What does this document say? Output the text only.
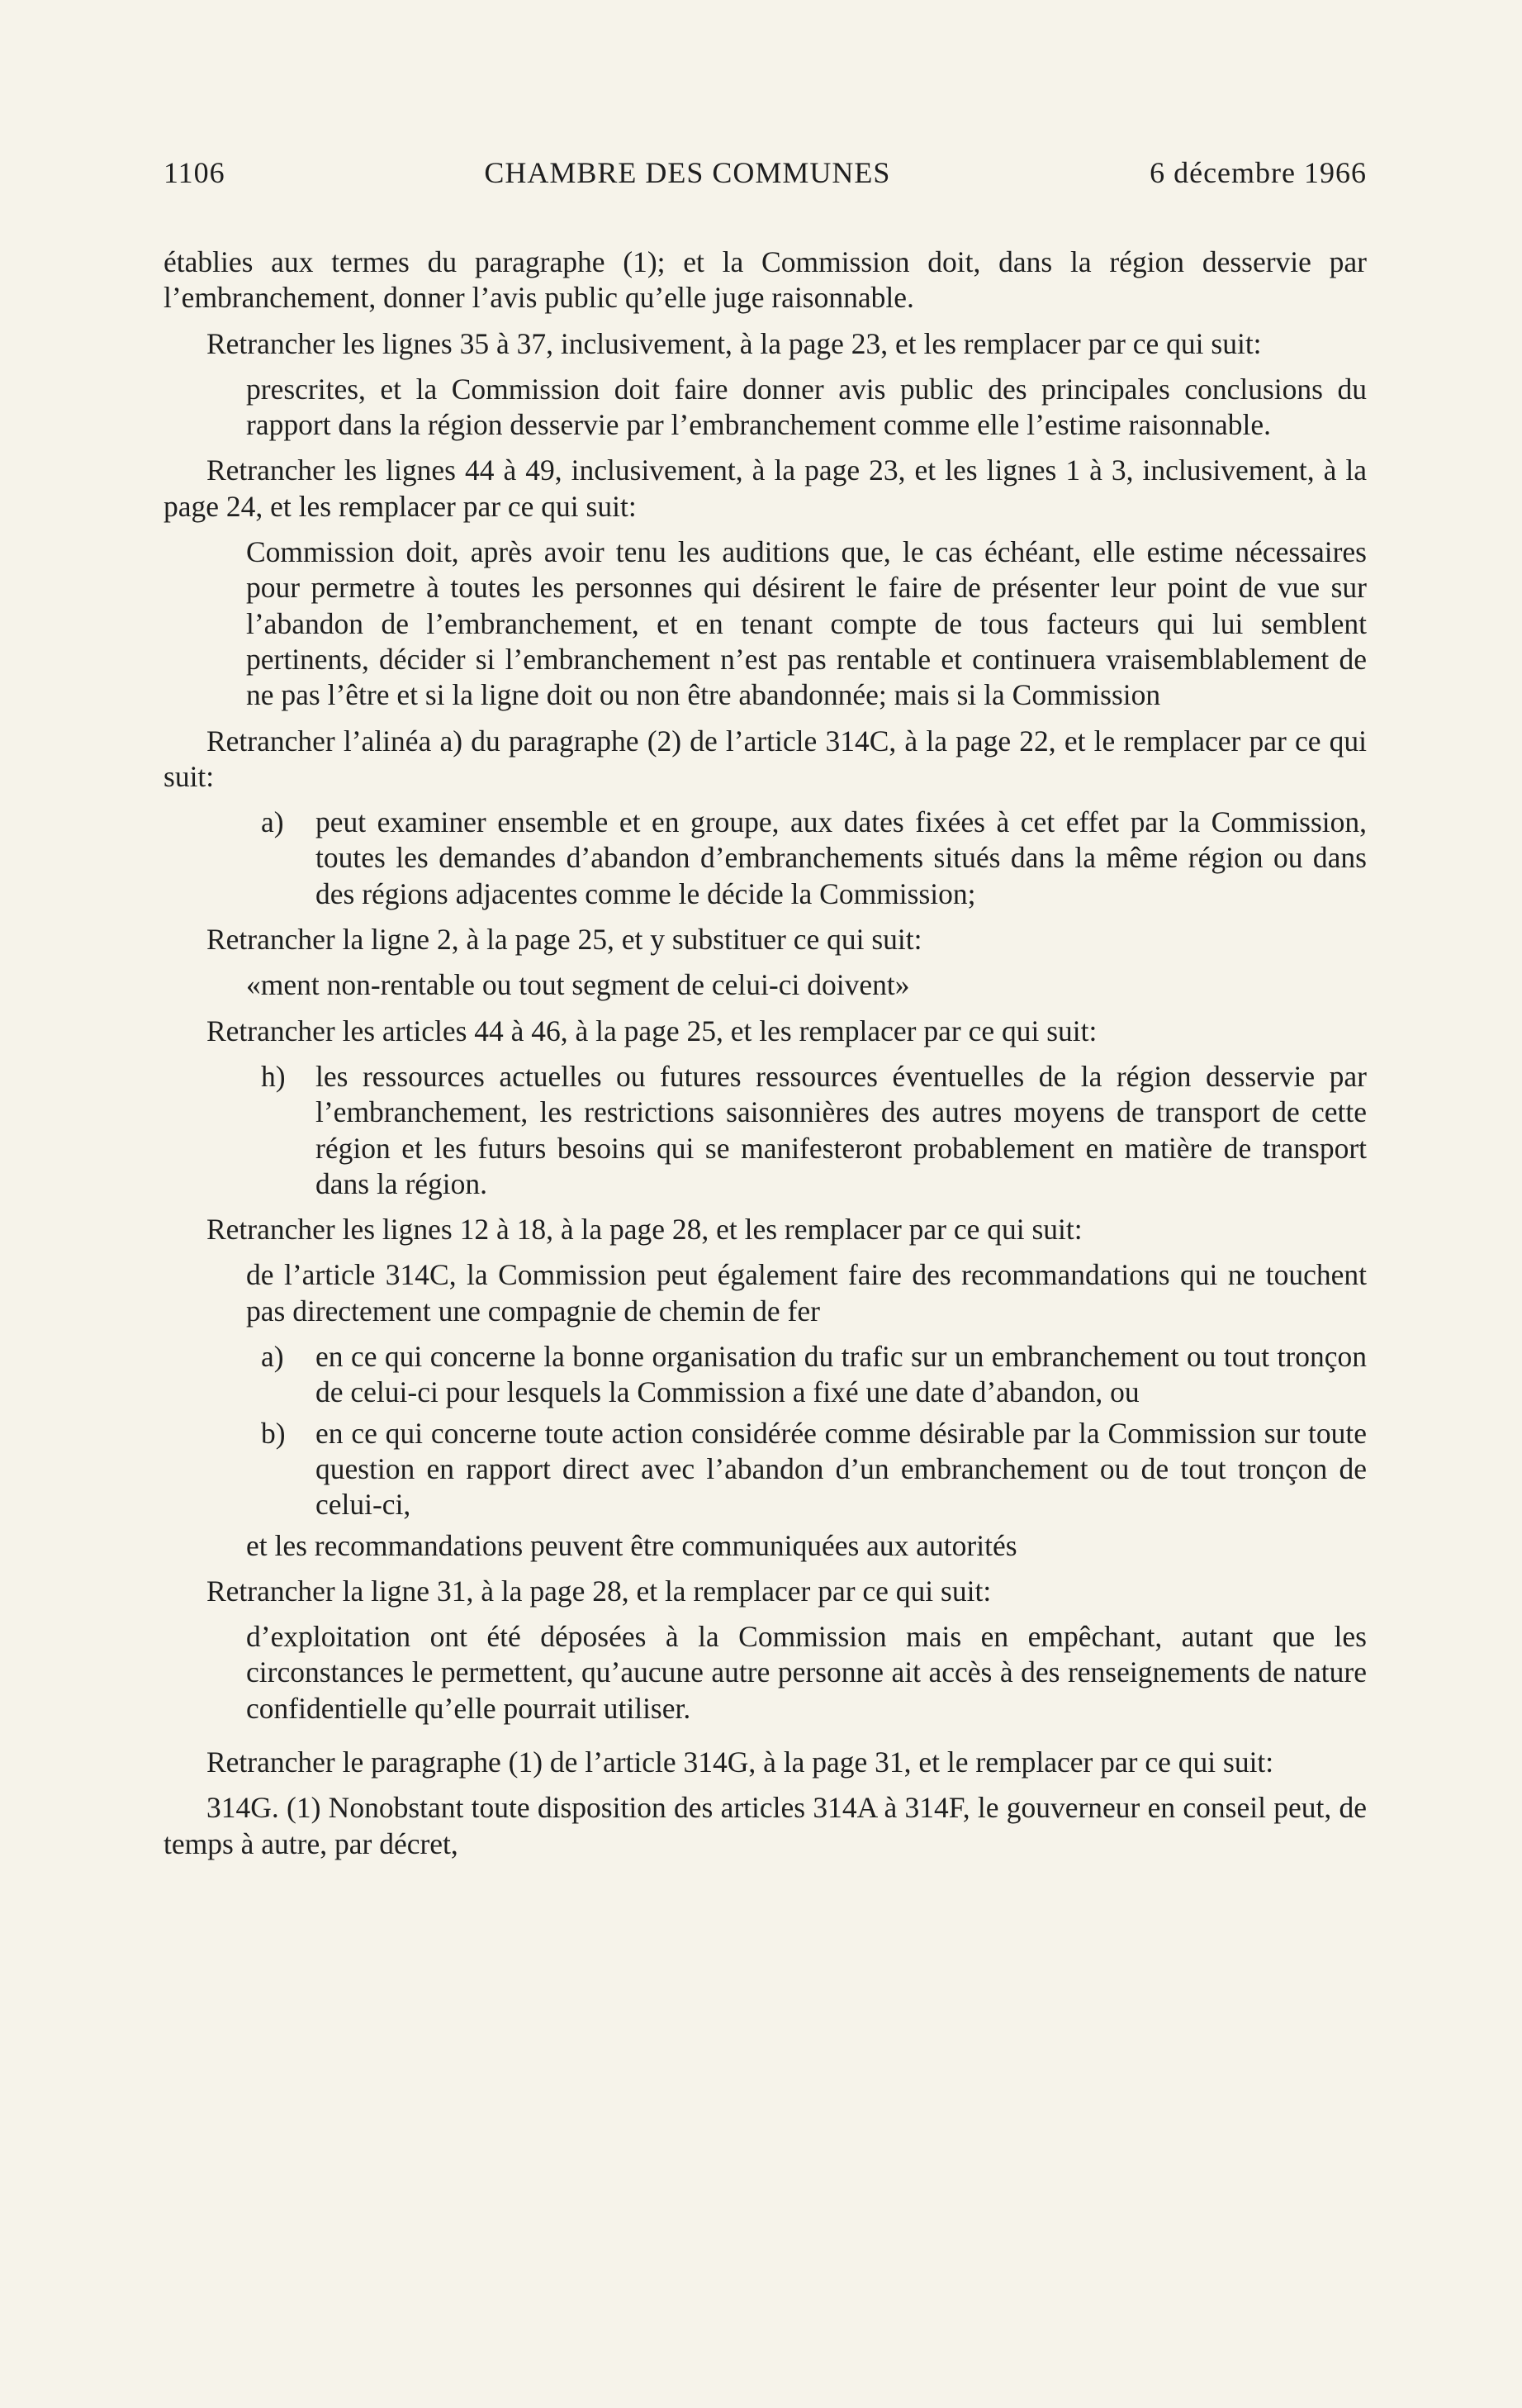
1106	CHAMBRE DES COMMUNES	6 décembre 1966

établies aux termes du paragraphe (1); et la Commission doit, dans la région desservie par l’embranchement, donner l’avis public qu’elle juge raisonnable.

Retrancher les lignes 35 à 37, inclusivement, à la page 23, et les remplacer par ce qui suit:

prescrites, et la Commission doit faire donner avis public des principales conclusions du rapport dans la région desservie par l’embranchement comme elle l’estime raisonnable.

Retrancher les lignes 44 à 49, inclusivement, à la page 23, et les lignes 1 à 3, inclusivement, à la page 24, et les remplacer par ce qui suit:

Commission doit, après avoir tenu les auditions que, le cas échéant, elle estime nécessaires pour permetre à toutes les personnes qui désirent le faire de présenter leur point de vue sur l’abandon de l’embranchement, et en tenant compte de tous facteurs qui lui semblent pertinents, décider si l’embranchement n’est pas rentable et continuera vraisemblablement de ne pas l’être et si la ligne doit ou non être abandonnée; mais si la Commission

Retrancher l’alinéa a) du paragraphe (2) de l’article 314C, à la page 22, et le remplacer par ce qui suit:

a)	peut examiner ensemble et en groupe, aux dates fixées à cet effet par la Commission, toutes les demandes d’abandon d’embranchements situés dans la même région ou dans des régions adjacentes comme le décide la Commission;

Retrancher la ligne 2, à la page 25, et y substituer ce qui suit:

«ment non-rentable ou tout segment de celui-ci doivent»

Retrancher les articles 44 à 46, à la page 25, et les remplacer par ce qui suit:

h)	les ressources actuelles ou futures ressources éventuelles de la région desservie par l’embranchement, les restrictions saisonnières des autres moyens de transport de cette région et les futurs besoins qui se manifesteront probablement en matière de transport dans la région.

Retrancher les lignes 12 à 18, à la page 28, et les remplacer par ce qui suit:

de l’article 314C, la Commission peut également faire des recommandations qui ne touchent pas directement une compagnie de chemin de fer

a)	en ce qui concerne la bonne organisation du trafic sur un embranchement ou tout tronçon de celui-ci pour lesquels la Commission a fixé une date d’abandon, ou
b)	en ce qui concerne toute action considérée comme désirable par la Commission sur toute question en rapport direct avec l’abandon d’un embranchement ou de tout tronçon de celui-ci,

et les recommandations peuvent être communiquées aux autorités

Retrancher la ligne 31, à la page 28, et la remplacer par ce qui suit:

d’exploitation ont été déposées à la Commission mais en empêchant, autant que les circonstances le permettent, qu’aucune autre personne ait accès à des renseignements de nature confidentielle qu’elle pourrait utiliser.

Retrancher le paragraphe (1) de l’article 314G, à la page 31, et le remplacer par ce qui suit:

314G. (1) Nonobstant toute disposition des articles 314A à 314F, le gouverneur en conseil peut, de temps à autre, par décret,
